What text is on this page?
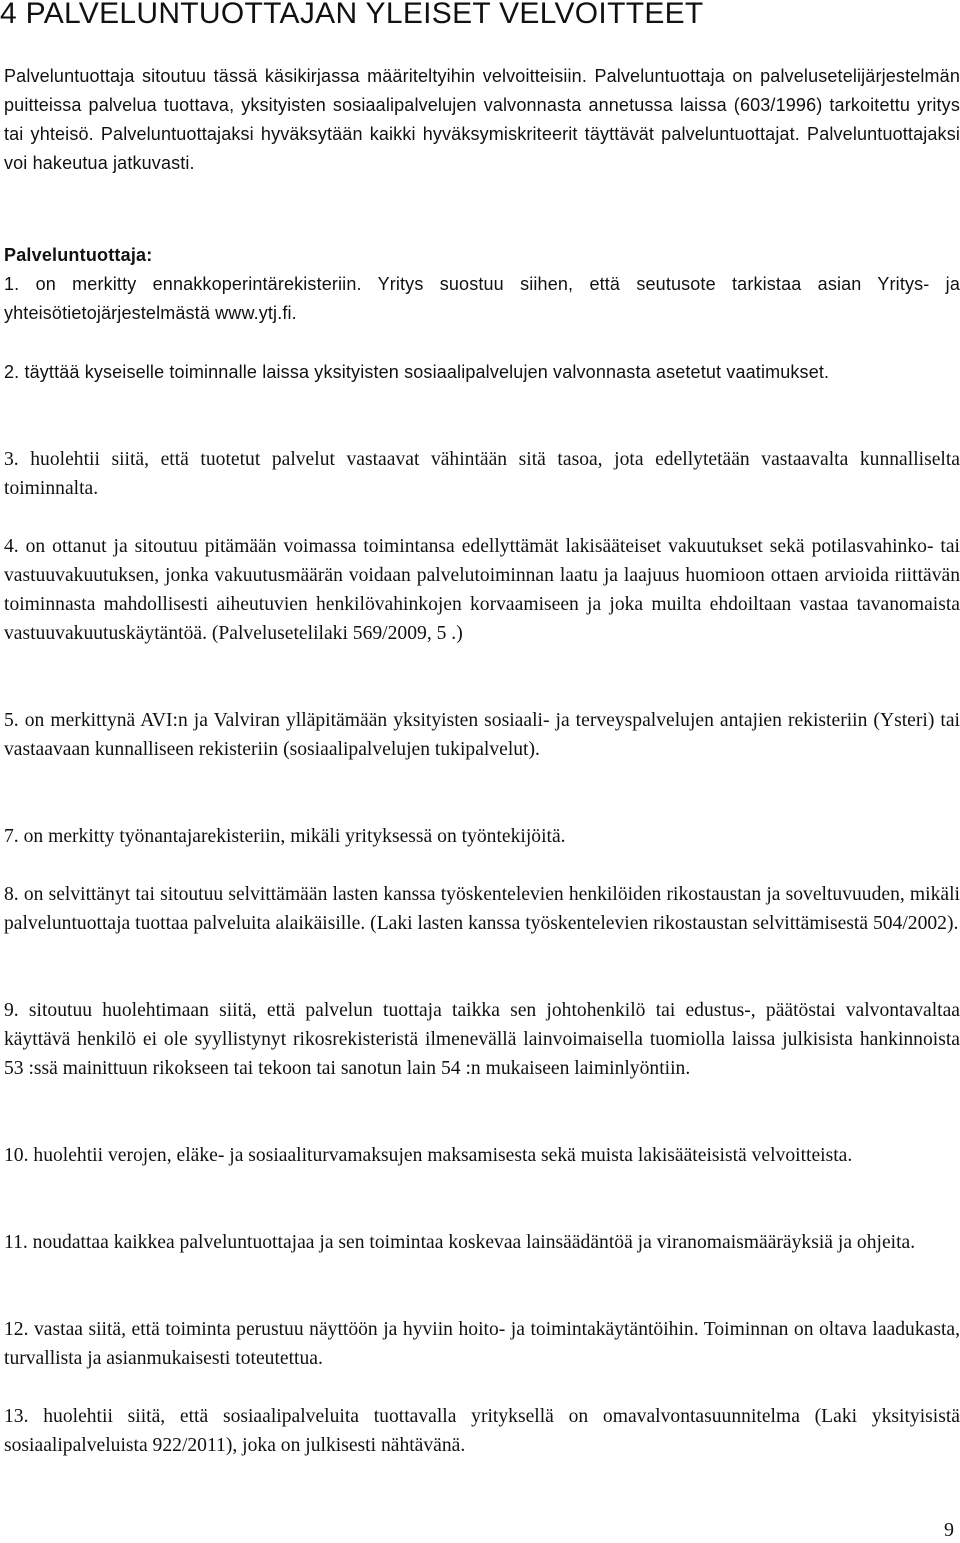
4 PALVELUNTUOTTAJAN YLEISET VELVOITTEET

Palveluntuottaja sitoutuu tässä käsikirjassa määriteltyihin velvoitteisiin. Palveluntuottaja on palvelusetelijärjestelmän puitteissa palvelua tuottava, yksityisten sosiaalipalvelujen valvonnasta annetussa laissa (603/1996) tarkoitettu yritys tai yhteisö. Palveluntuottajaksi hyväksytään kaikki hyväksymiskriteerit täyttävät palveluntuottajat. Palveluntuottajaksi voi hakeutua jatkuvasti.

Palveluntuottaja:

1. on merkitty ennakkoperintärekisteriin. Yritys suostuu siihen, että seutusote tarkistaa asian Yritys- ja yhteisötietojärjestelmästä www.ytj.fi.

2. täyttää kyseiselle toiminnalle laissa yksityisten sosiaalipalvelujen valvonnasta asetetut vaatimukset.

3. huolehtii siitä, että tuotetut palvelut vastaavat vähintään sitä tasoa, jota edellytetään vastaavalta kunnalliselta toiminnalta.

4. on ottanut ja sitoutuu pitämään voimassa toimintansa edellyttämät lakisääteiset vakuutukset sekä potilasvahinko- tai vastuuvakuutuksen, jonka vakuutusmäärän voidaan palvelutoiminnan laatu ja laajuus huomioon ottaen arvioida riittävän toiminnasta mahdollisesti aiheutuvien henkilövahinkojen korvaamiseen ja joka muilta ehdoiltaan vastaa tavanomaista vastuuvakuutuskäytäntöä. (Palvelusetelilaki 569/2009, 5 .)

5. on merkittynä AVI:n ja Valviran ylläpitämään yksityisten sosiaali- ja terveyspalvelujen antajien rekisteriin (Ysteri) tai vastaavaan kunnalliseen rekisteriin (sosiaalipalvelujen tukipalvelut).

7. on merkitty työnantajarekisteriin, mikäli yrityksessä on työntekijöitä.

8. on selvittänyt tai sitoutuu selvittämään lasten kanssa työskentelevien henkilöiden rikostaustan ja soveltuvuuden, mikäli palveluntuottaja tuottaa palveluita alaikäisille. (Laki lasten kanssa työskentelevien rikostaustan selvittämisestä 504/2002).

9. sitoutuu huolehtimaan siitä, että palvelun tuottaja taikka sen johtohenkilö tai edustus-, päätöstai valvontavaltaa käyttävä henkilö ei ole syyllistynyt rikosrekisteristä ilmenevällä lainvoimaisella tuomiolla laissa julkisista hankinnoista 53 :ssä mainittuun rikokseen tai tekoon tai sanotun lain 54 :n mukaiseen laiminlyöntiin.

10. huolehtii verojen, eläke- ja sosiaaliturvamaksujen maksamisesta sekä muista lakisääteisistä velvoitteista.

11. noudattaa kaikkea palveluntuottajaa ja sen toimintaa koskevaa lainsäädäntöä ja viranomaismääräyksiä ja ohjeita.

12. vastaa siitä, että toiminta perustuu näyttöön ja hyviin hoito- ja toimintakäytäntöihin. Toiminnan on oltava laadukasta, turvallista ja asianmukaisesti toteutettua.

13. huolehtii siitä, että sosiaalipalveluita tuottavalla yrityksellä on omavalvontasuunnitelma (Laki yksityisistä sosiaalipalveluista 922/2011), joka on julkisesti nähtävänä.

9
